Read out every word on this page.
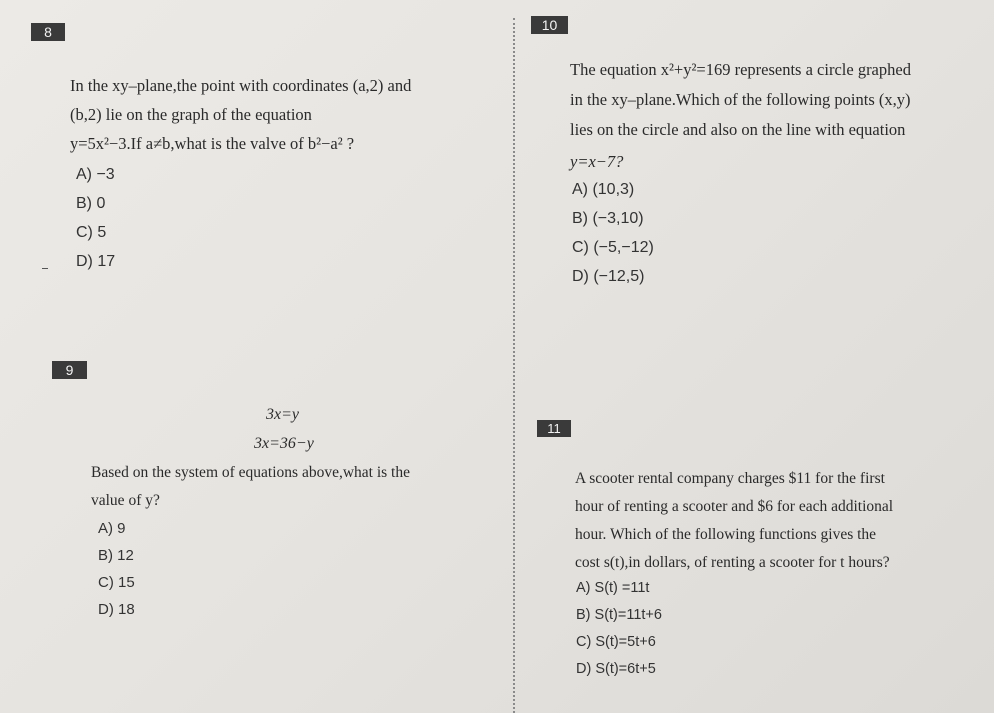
8
In the xy–plane,the point with coordinates (a,2) and
(b,2) lie on the graph of the equation
y=5x²−3.If a≠b,what is the valve of b²−a² ?
A) −3
B) 0
C) 5
D) 17
9
3x=y
3x=36−y
Based on the system of equations above,what is the
value of y?
A) 9
B) 12
C) 15
D) 18
10
The equation x²+y²=169 represents a circle graphed
in the xy–plane.Which of the following points (x,y)
lies on the circle and also on the line with equation
y=x−7?
A) (10,3)
B) (−3,10)
C) (−5,−12)
D) (−12,5)
11
A scooter rental company charges $11 for the first
hour of renting a scooter and $6 for each additional
hour. Which of the following functions gives the
cost s(t),in dollars, of renting a scooter for t hours?
A) S(t) =11t
B) S(t)=11t+6
C) S(t)=5t+6
D) S(t)=6t+5
